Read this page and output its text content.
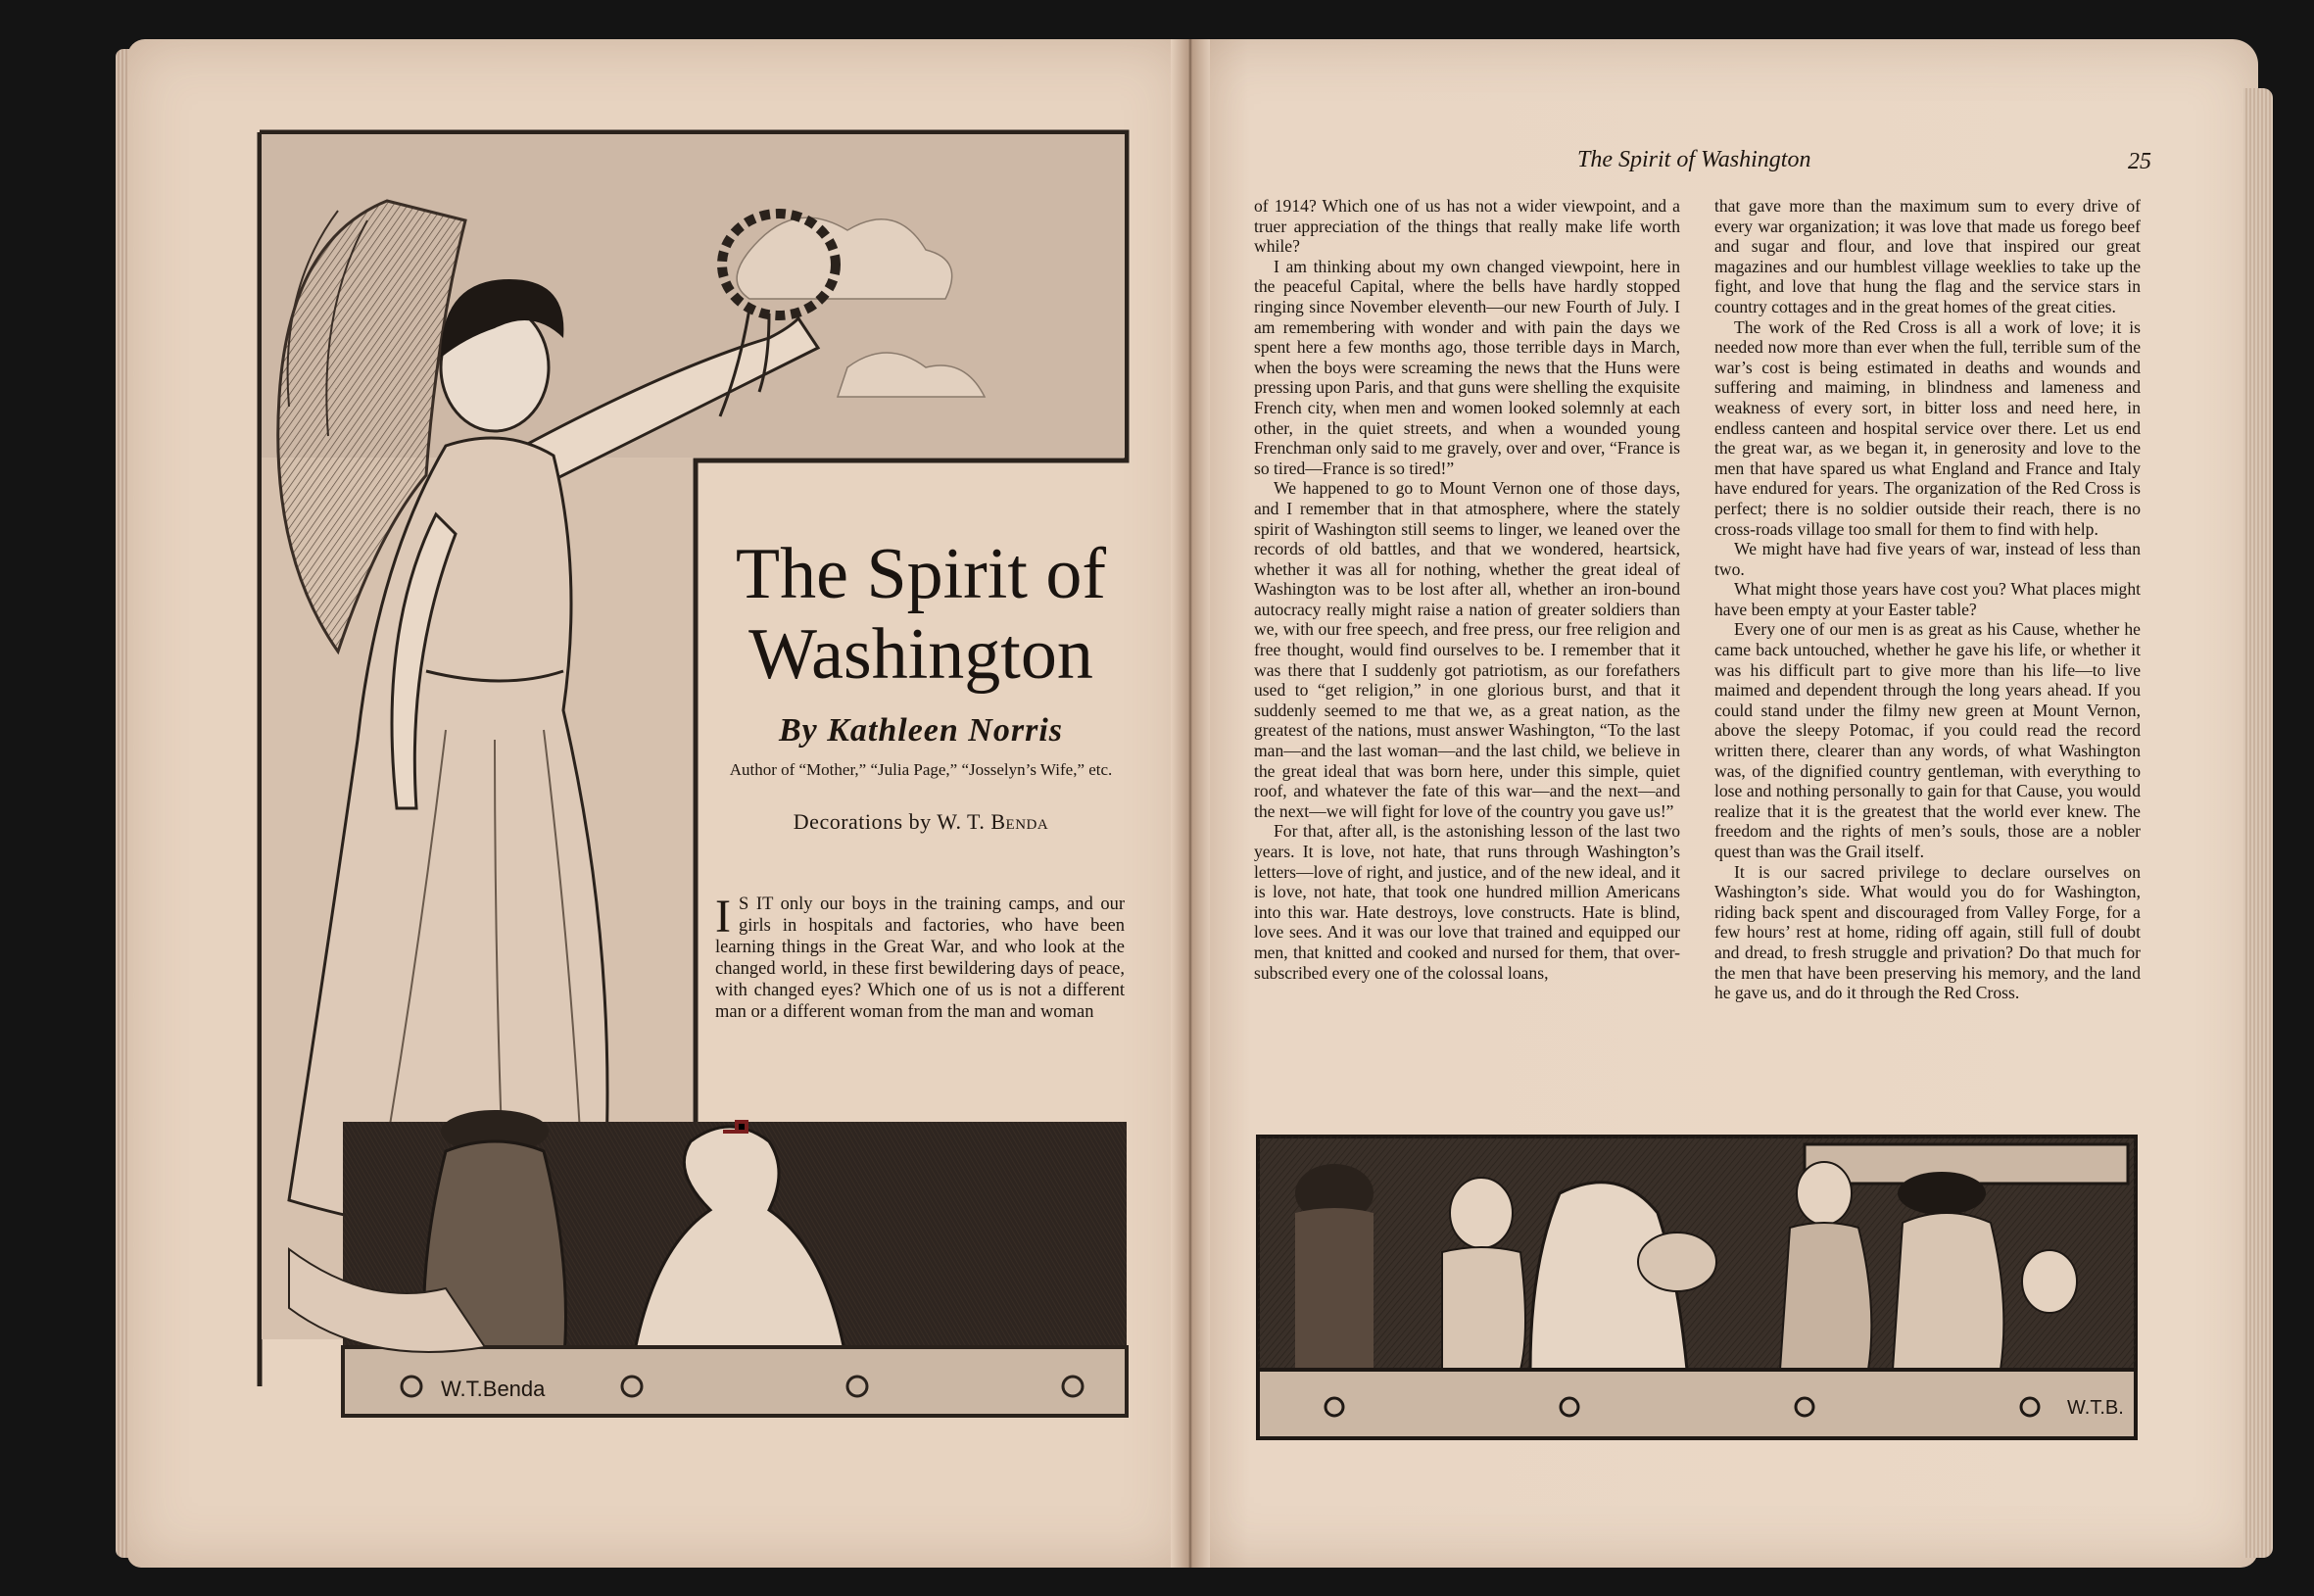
W.T.Benda
The Spirit of
Washington
By Kathleen Norris
Author of “Mother,” “Julia Page,” “Josselyn’s Wife,” etc.
Decorations by W. T. Benda
I S IT only our boys in the training camps, and our girls in hospitals and factories, who have been learning things in the Great War, and who look at the changed world, in these first bewildering days of peace, with changed eyes? Which one of us is not a different man or a different woman from the man and woman
The Spirit of Washington	25

of 1914? Which one of us has not a wider viewpoint, and a truer appreciation of the things that really make life worth while?

I am thinking about my own changed viewpoint, here in the peaceful Capital, where the bells have hardly stopped ringing since November eleventh—our new Fourth of July. I am remembering with wonder and with pain the days we spent here a few months ago, those terrible days in March, when the boys were screaming the news that the Huns were pressing upon Paris, and that guns were shelling the exquisite French city, when men and women looked solemnly at each other, in the quiet streets, and when a wounded young Frenchman only said to me gravely, over and over, “France is so tired—France is so tired!”

We happened to go to Mount Vernon one of those days, and I remember that in that atmosphere, where the stately spirit of Washington still seems to linger, we leaned over the records of old battles, and that we wondered, heartsick, whether it was all for nothing, whether the great ideal of Washington was to be lost after all, whether an iron-bound autocracy really might raise a nation of greater soldiers than we, with our free speech, and free press, our free religion and free thought, would find ourselves to be. I remember that it was there that I suddenly got patriotism, as our forefathers used to “get religion,” in one glorious burst, and that it suddenly seemed to me that we, as a great nation, as the greatest of the nations, must answer Washington, “To the last man—and the last woman—and the last child, we believe in the great ideal that was born here, under this simple, quiet roof, and whatever the fate of this war—and the next—and the next—we will fight for love of the country you gave us!”

For that, after all, is the astonishing lesson of the last two years. It is love, not hate, that runs through Washington’s letters—love of right, and justice, and of the new ideal, and it is love, not hate, that took one hundred million Americans into this war. Hate destroys, love constructs. Hate is blind, love sees. And it was our love that trained and equipped our men, that knitted and cooked and nursed for them, that over-subscribed every one of the colossal loans,

that gave more than the maximum sum to every drive of every war organization; it was love that made us forego beef and sugar and flour, and love that inspired our great magazines and our humblest village weeklies to take up the fight, and love that hung the flag and the service stars in country cottages and in the great homes of the great cities.

The work of the Red Cross is all a work of love; it is needed now more than ever when the full, terrible sum of the war’s cost is being estimated in deaths and wounds and suffering and maiming, in blindness and lameness and weakness of every sort, in bitter loss and need here, in endless canteen and hospital service over there. Let us end the great war, as we began it, in generosity and love to the men that have spared us what England and France and Italy have endured for years. The organization of the Red Cross is perfect; there is no soldier outside their reach, there is no cross-roads village too small for them to find with help.

We might have had five years of war, instead of less than two.

What might those years have cost you? What places might have been empty at your Easter table?

Every one of our men is as great as his Cause, whether he came back untouched, whether he gave his life, or whether it was his difficult part to give more than his life—to live maimed and dependent through the long years ahead. If you could stand under the filmy new green at Mount Vernon, above the sleepy Potomac, if you could read the record written there, clearer than any words, of what Washington was, of the dignified country gentleman, with everything to lose and nothing personally to gain for that Cause, you would realize that it is the greatest that the world ever knew. The freedom and the rights of men’s souls, those are a nobler quest than was the Grail itself.

It is our sacred privilege to declare ourselves on Washington’s side. What would you do for Washington, riding back spent and discouraged from Valley Forge, for a few hours’ rest at home, riding off again, still full of doubt and dread, to fresh struggle and privation? Do that much for the men that have been preserving his memory, and the land he gave us, and do it through the Red Cross.

W.T.B.
